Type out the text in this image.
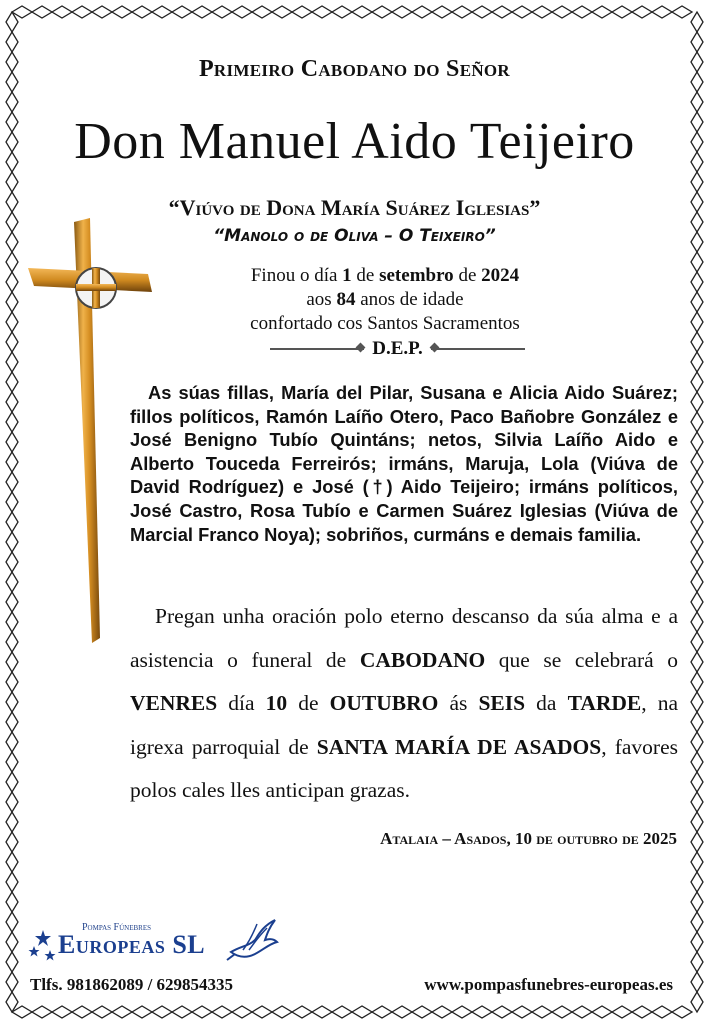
Primeiro Cabodano do Señor
Don Manuel Aido Teijeiro
“Viúvo de Dona María Suárez Iglesias”
“Manolo o de Oliva – O Teixeiro”
Finou o día 1 de setembro de 2024
aos 84 anos de idade
confortado cos Santos Sacramentos
D.E.P.
As súas fillas, María del Pilar, Susana e Alicia Aido Suárez; fillos políticos, Ramón Laíño Otero, Paco Bañobre González e José Benigno Tubío Quintáns; netos, Silvia Laíño Aido e Alberto Touceda Ferreirós; irmáns, Maruja, Lola (Viúva de David Rodríguez) e José (†) Aido Teijeiro; irmáns políticos, José Castro, Rosa Tubío e Carmen Suárez Iglesias (Viúva de Marcial Franco Noya); sobriños, curmáns e demais familia.
Pregan unha oración polo eterno descanso da súa alma e a asistencia o funeral de CABODANO que se celebrará o VENRES día 10 de OUTUBRO ás SEIS da TARDE, na igrexa parroquial de SANTA MARÍA DE ASADOS, favores polos cales lles anticipan grazas.
Atalaia – Asados, 10 de outubro de 2025
Pompas Fúnebres
Europeas SL
Tlfs. 981862089 / 629854335	www.pompasfunebres-europeas.es
